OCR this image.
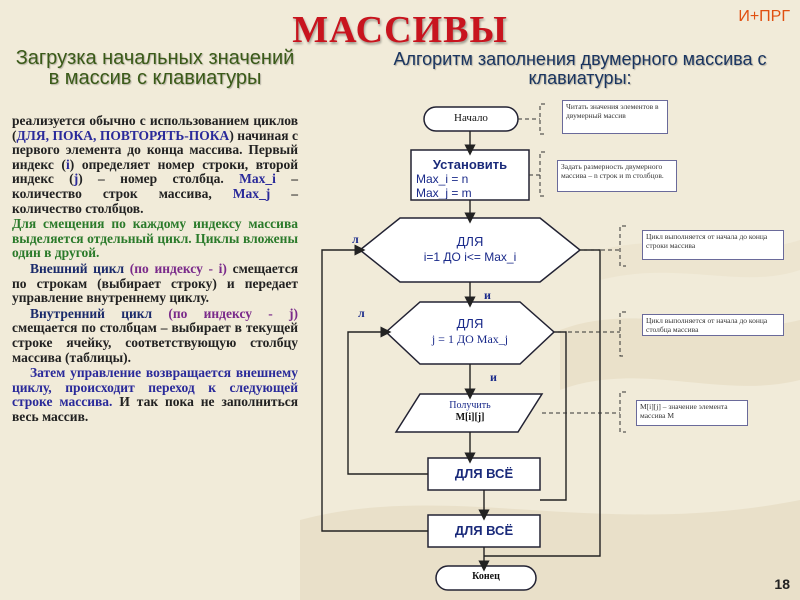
МАССИВЫ	И+ПРГ
Загрузка начальных значений в массив с клавиатуры
Алгоритм заполнения двумерного массива с клавиатуры:

реализуется обычно с использованием циклов (ДЛЯ, ПОКА, ПОВТОРЯТЬ-ПОКА) начиная с первого элемента до конца массива. Первый индекс (i) определяет номер строки, второй индекс (j) – номер столбца. Max_i – количество строк массива, Max_j – количество столбцов.

Для смещения по каждому индексу массива выделяется отдельный цикл. Циклы вложены один в другой.

Внешний цикл (по индексу - i) смещается по строкам (выбирает строку) и передает управление внутреннему циклу.

Внутренний цикл (по индексу - j) смещается по столбцам – выбирает в текущей строке ячейку, соответствующую столбцу массива (таблицы).

Затем управление возвращается внешнему циклу, происходит переход к следующей строке массива. И так пока не заполниться весь массив.

Начало
Установить
Max_i = n
Max_j = m
ДЛЯ
i=1 ДО i<= Max_i
ДЛЯ
j = 1 ДО Max_j
Получить
M[i][j]
ДЛЯ ВСЁ
ДЛЯ ВСЁ
Конец
л
и
л
и
Читать значения элементов в двумерный массив
Задать размерность двумерного массива – n строк и m столбцов.
Цикл выполняется от начала до конца строки массива
Цикл выполняется от начала до конца столбца массива
M[i][j] – значение элемента массива M
18
